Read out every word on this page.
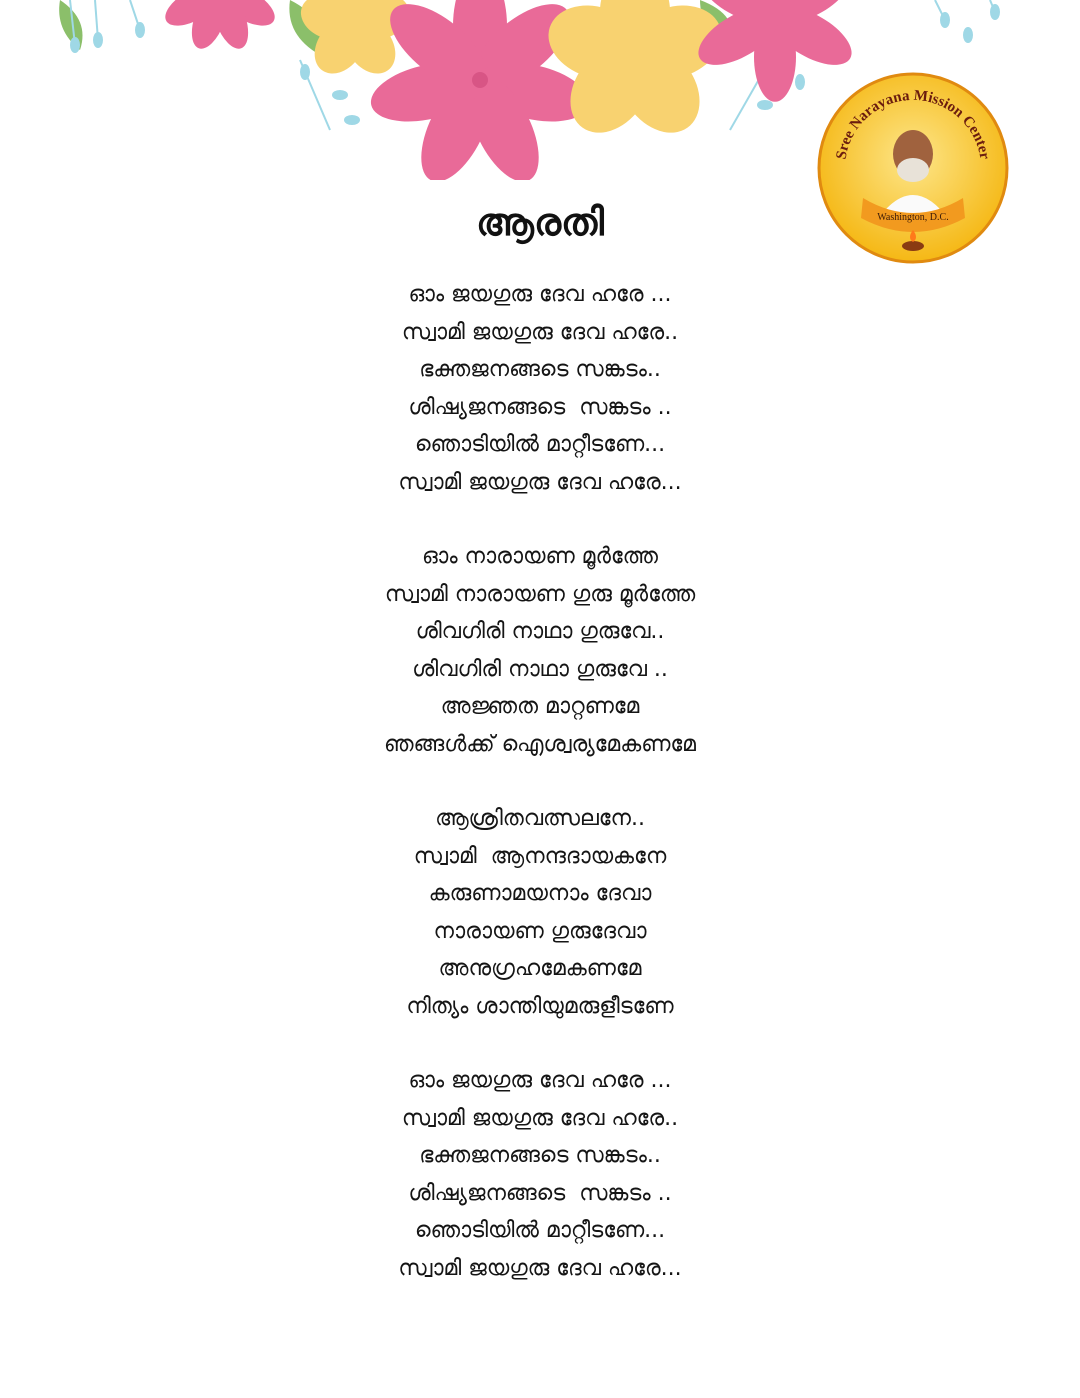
Sree Narayana Mission Center
Washington, D.C.
ആരതി
ഓം ജയഗുരു ദേവ ഹരേ ...
സ്വാമി ജയഗുരു ദേവ ഹരേ..
ഭക്തജനങ്ങടെ സങ്കടം..
ശിഷ്യജനങ്ങടെ  സങ്കടം ..
ഞൊടിയിൽ മാറ്റീടണേ...
സ്വാമി ജയഗുരു ദേവ ഹരേ...
ഓം നാരായണ മൂർത്തേ
സ്വാമി നാരായണ ഗുരു മൂർത്തേ
ശിവഗിരി നാഥാ ഗുരുവേ..
ശിവഗിരി നാഥാ ഗുരുവേ ..
അജ്ഞത മാറ്റണമേ
ഞങ്ങൾക്ക് ഐശ്വര്യമേകണമേ
ആശ്രിതവത്സലനേ..
സ്വാമി  ആനന്ദദായകനേ
കരുണാമയനാം ദേവാ
നാരായണ ഗുരുദേവാ
അനുഗ്രഹമേകണമേ
നിത്യം ശാന്തിയുമരുളീടണേ
ഓം ജയഗുരു ദേവ ഹരേ ...
സ്വാമി ജയഗുരു ദേവ ഹരേ..
ഭക്തജനങ്ങടെ സങ്കടം..
ശിഷ്യജനങ്ങടെ  സങ്കടം ..
ഞൊടിയിൽ മാറ്റീടണേ...
സ്വാമി ജയഗുരു ദേവ ഹരേ...
